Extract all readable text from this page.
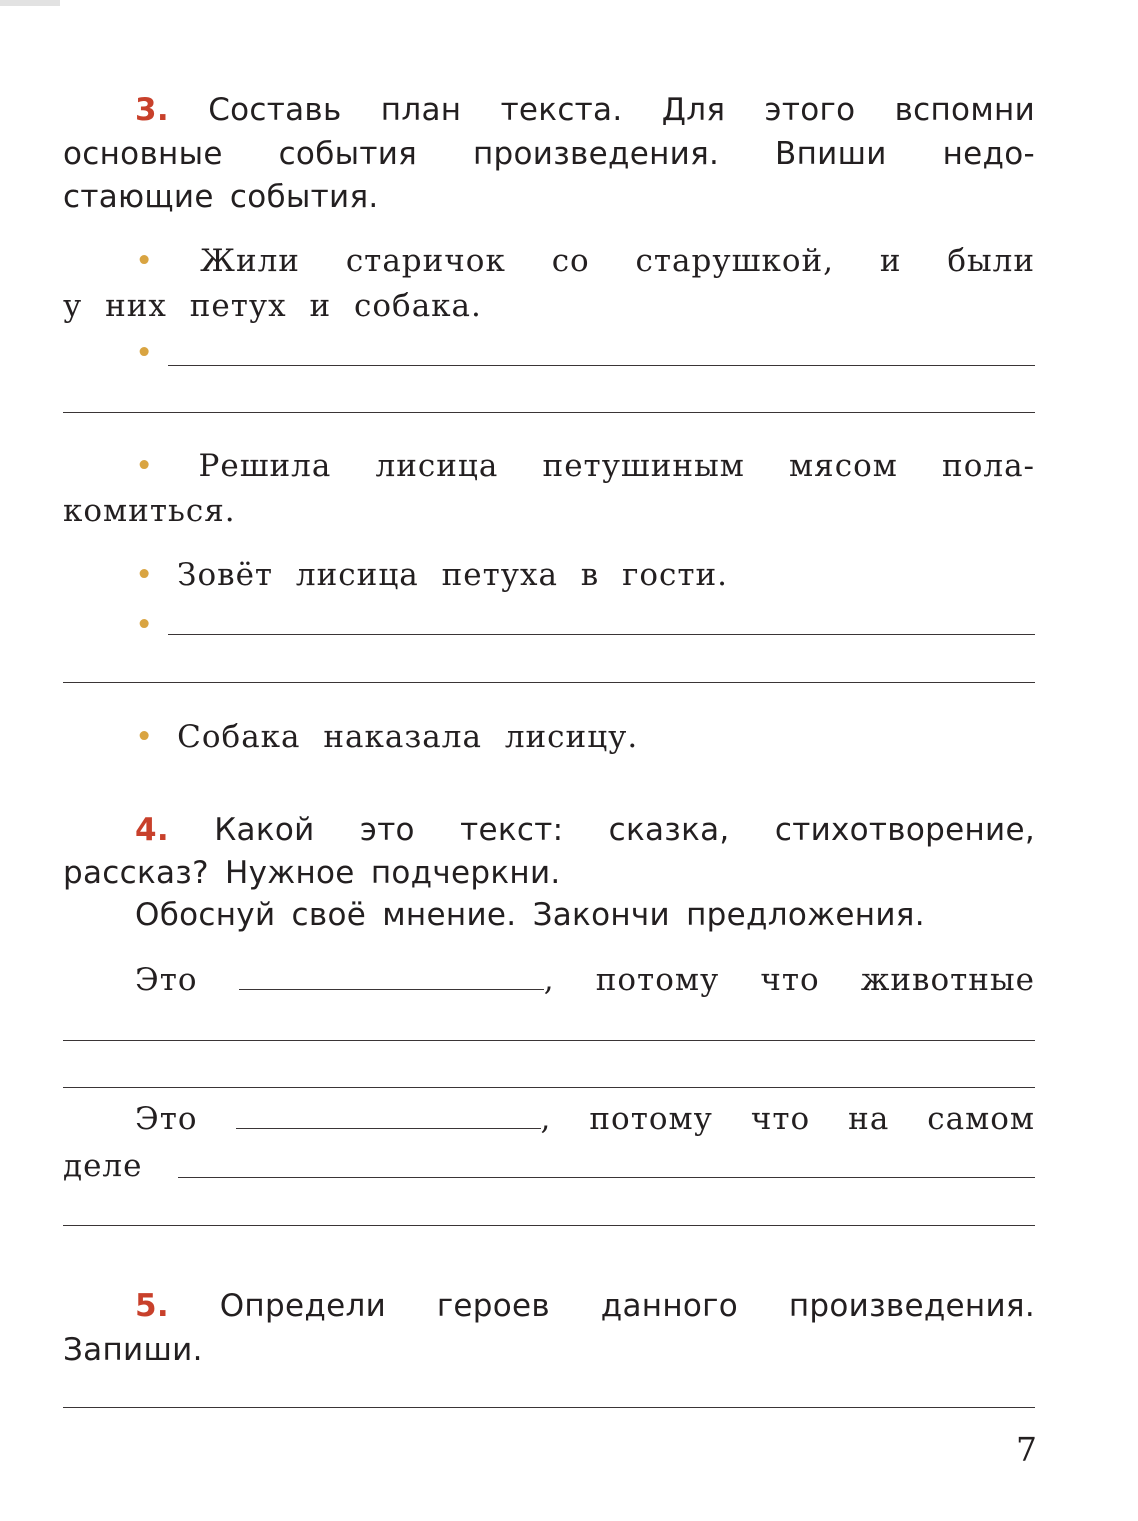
3. Составь план текста. Для этого вспомни
основные события произведения. Впиши недо-
стающие события.
• Жили старичок со старушкой, и были
у них петух и собака.
•
• Решила лисица петушиным мясом пола-
комиться.
• Зовёт лисица петуха в гости.
•
• Собака наказала лисицу.
4. Какой это текст: сказка, стихотворение,
рассказ? Нужное подчеркни.
Обоснуй своё мнение. Закончи предложения.
Это	, потому что животные
Это	, потому что на самом
деле
5. Определи героев данного произведения.
Запиши.
7
